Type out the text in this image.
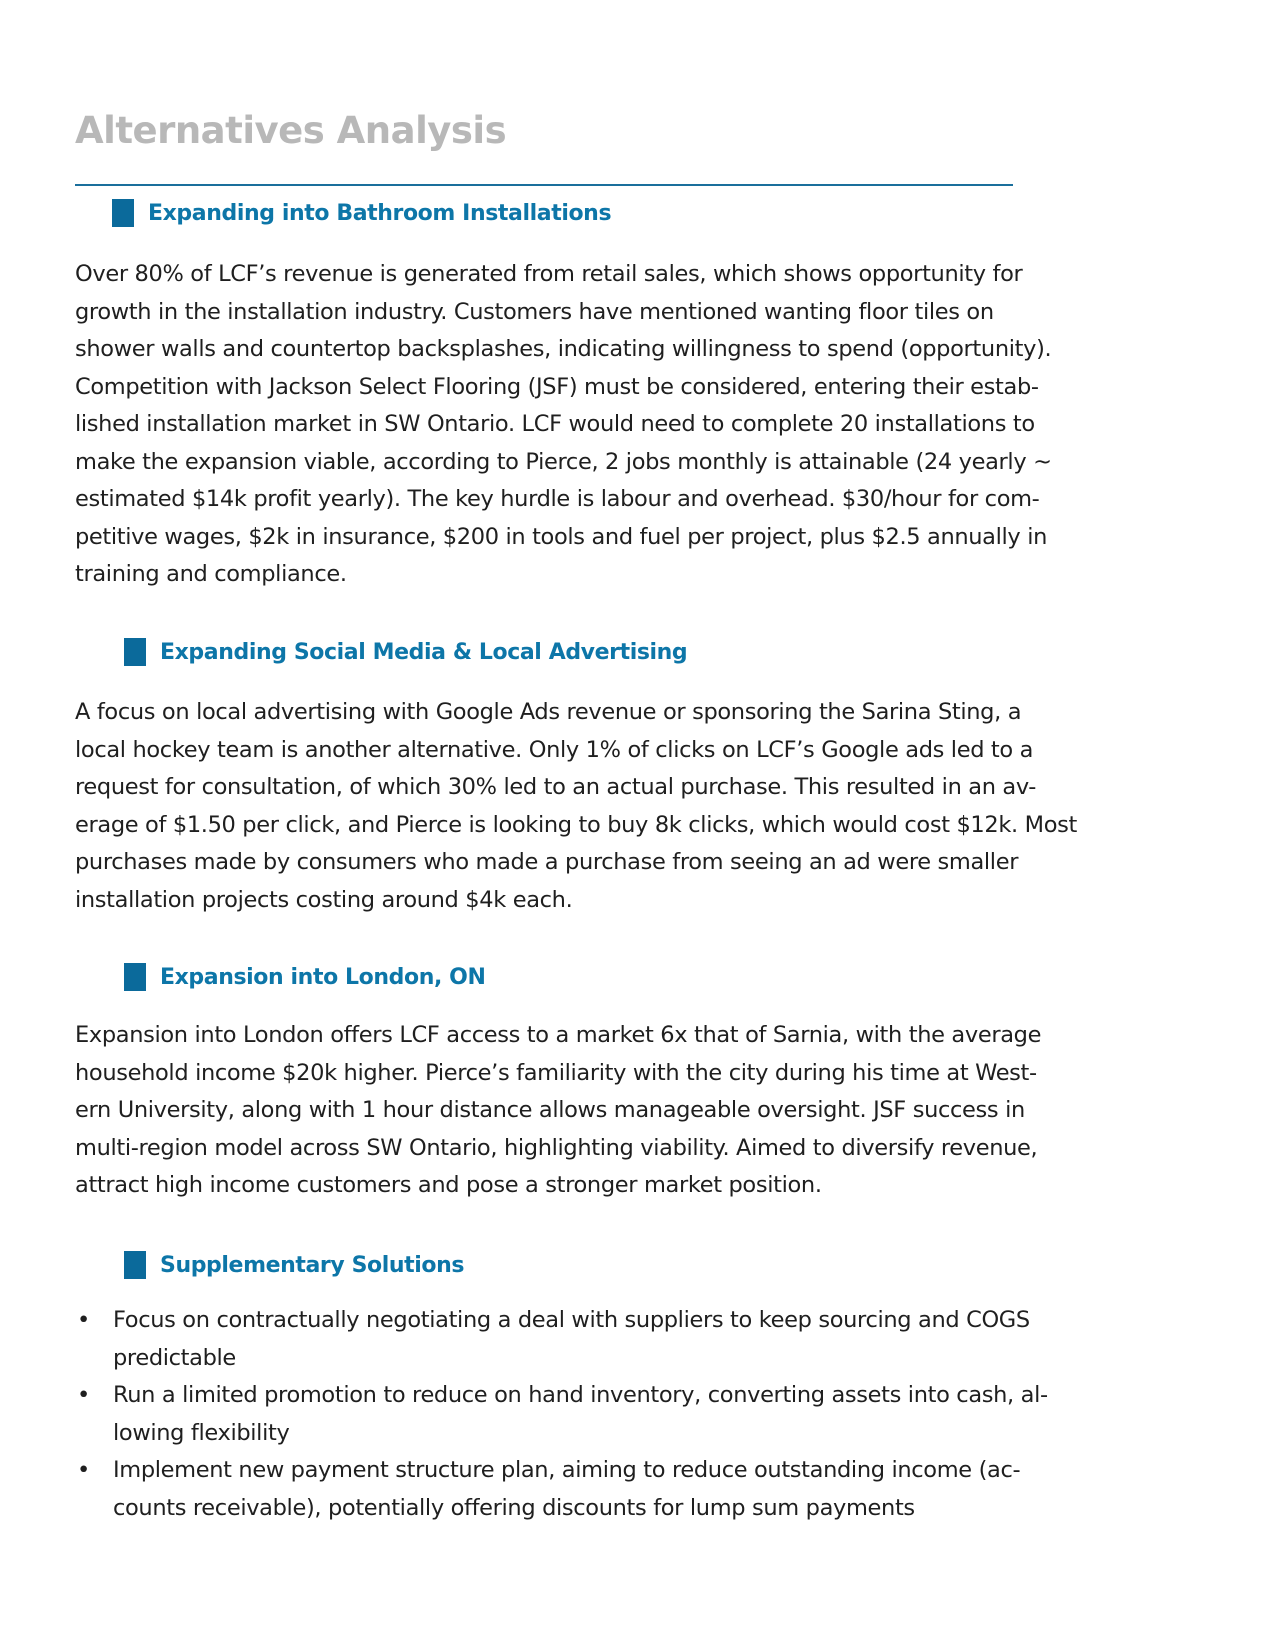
Alternatives Analysis
Expanding into Bathroom Installations

Over 80% of LCF’s revenue is generated from retail sales, which shows opportunity for
growth in the installation industry. Customers have mentioned wanting floor tiles on
shower walls and countertop backsplashes, indicating willingness to spend (opportunity).
Competition with Jackson Select Flooring (JSF) must be considered, entering their estab-
lished installation market in SW Ontario. LCF would need to complete 20 installations to
make the expansion viable, according to Pierce, 2 jobs monthly is attainable (24 yearly ~
estimated $14k profit yearly). The key hurdle is labour and overhead. $30/hour for com-
petitive wages, $2k in insurance, $200 in tools and fuel per project, plus $2.5 annually in
training and compliance.

Expanding Social Media & Local Advertising

A focus on local advertising with Google Ads revenue or sponsoring the Sarina Sting, a
local hockey team is another alternative. Only 1% of clicks on LCF’s Google ads led to a
request for consultation, of which 30% led to an actual purchase. This resulted in an av-
erage of $1.50 per click, and Pierce is looking to buy 8k clicks, which would cost $12k. Most
purchases made by consumers who made a purchase from seeing an ad were smaller
installation projects costing around $4k each.

Expansion into London, ON

Expansion into London offers LCF access to a market 6x that of Sarnia, with the average
household income $20k higher. Pierce’s familiarity with the city during his time at West-
ern University, along with 1 hour distance allows manageable oversight. JSF success in
multi-region model across SW Ontario, highlighting viability. Aimed to diversify revenue,
attract high income customers and pose a stronger market position.

Supplementary Solutions
• Focus on contractually negotiating a deal with suppliers to keep sourcing and COGS
predictable
• Run a limited promotion to reduce on hand inventory, converting assets into cash, al-
lowing flexibility
• Implement new payment structure plan, aiming to reduce outstanding income (ac-
counts receivable), potentially offering discounts for lump sum payments
